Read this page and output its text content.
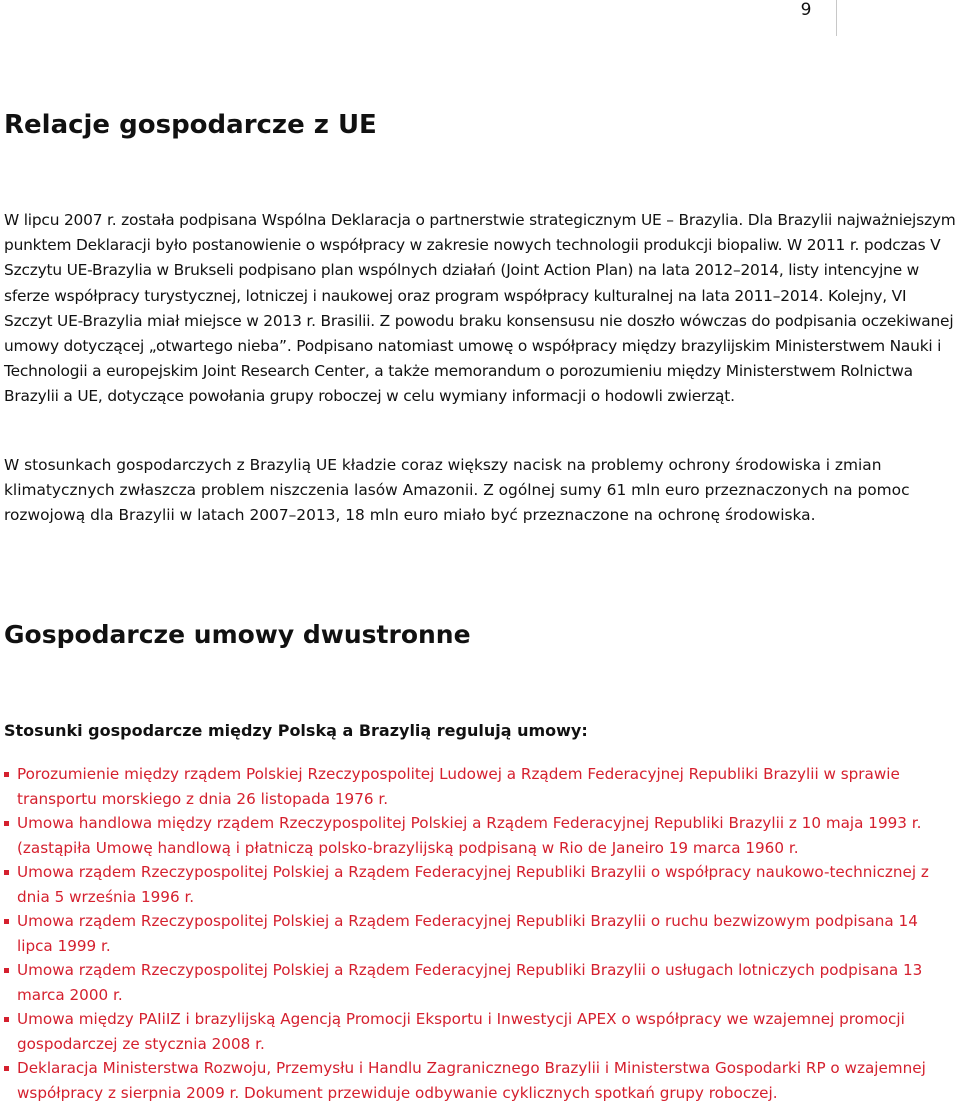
9
Relacje gospodarcze z UE

W lipcu 2007 r. została podpisana Wspólna Deklaracja o partnerstwie strategicznym UE – Brazylia. Dla Brazylii najważniejszym punktem Deklaracji było postanowienie o współpracy w zakresie nowych technologii produkcji biopaliw. W 2011 r. podczas V Szczytu UE-Brazylia w Brukseli podpisano plan wspólnych działań (Joint Action Plan) na lata 2012–2014, listy intencyjne w sferze współpracy turystycznej, lotniczej i naukowej oraz program współpracy kulturalnej na lata 2011–2014. Kolejny, VI Szczyt UE-Brazylia miał miejsce w 2013 r. Brasilii. Z powodu braku konsensusu nie doszło wówczas do podpisania oczekiwanej umowy dotyczącej „otwartego nieba”. Podpisano natomiast umowę o współpracy między brazylijskim Ministerstwem Nauki i Technologii a europejskim Joint Research Center, a także memorandum o porozumieniu między Ministerstwem Rolnictwa Brazylii a UE, dotyczące powołania grupy roboczej w celu wymiany informacji o hodowli zwierząt.

W stosunkach gospodarczych z Brazylią UE kładzie coraz większy nacisk na problemy ochrony środowiska i zmian klimatycznych zwłaszcza problem niszczenia lasów Amazonii. Z ogólnej sumy 61 mln euro przeznaczonych na pomoc rozwojową dla Brazylii w latach 2007–2013, 18 mln euro miało być przeznaczone na ochronę środowiska.

Gospodarcze umowy dwustronne
Stosunki gospodarcze między Polską a Brazylią regulują umowy:
Porozumienie między rządem Polskiej Rzeczypospolitej Ludowej a Rządem Federacyjnej Republiki Brazylii w sprawie transportu morskiego z dnia 26 listopada 1976 r.
Umowa handlowa między rządem Rzeczypospolitej Polskiej a Rządem Federacyjnej Republiki Brazylii z 10 maja 1993 r. (zastąpiła Umowę handlową i płatniczą polsko-brazylijską podpisaną w Rio de Janeiro 19 marca 1960 r.
Umowa rządem Rzeczypospolitej Polskiej a Rządem Federacyjnej Republiki Brazylii o współpracy naukowo-technicznej z dnia 5 września 1996 r.
Umowa rządem Rzeczypospolitej Polskiej a Rządem Federacyjnej Republiki Brazylii o ruchu bezwizowym podpisana 14 lipca 1999 r.
Umowa rządem Rzeczypospolitej Polskiej a Rządem Federacyjnej Republiki Brazylii o usługach lotniczych podpisana 13 marca 2000 r.
Umowa między PAIiIZ i brazylijską Agencją Promocji Eksportu i Inwestycji APEX o współpracy we wzajemnej promocji gospodarczej ze stycznia 2008 r.
Deklaracja Ministerstwa Rozwoju, Przemysłu i Handlu Zagranicznego Brazylii i Ministerstwa Gospodarki RP o wzajemnej współpracy z sierpnia 2009 r. Dokument przewiduje odbywanie cyklicznych spotkań grupy roboczej.
